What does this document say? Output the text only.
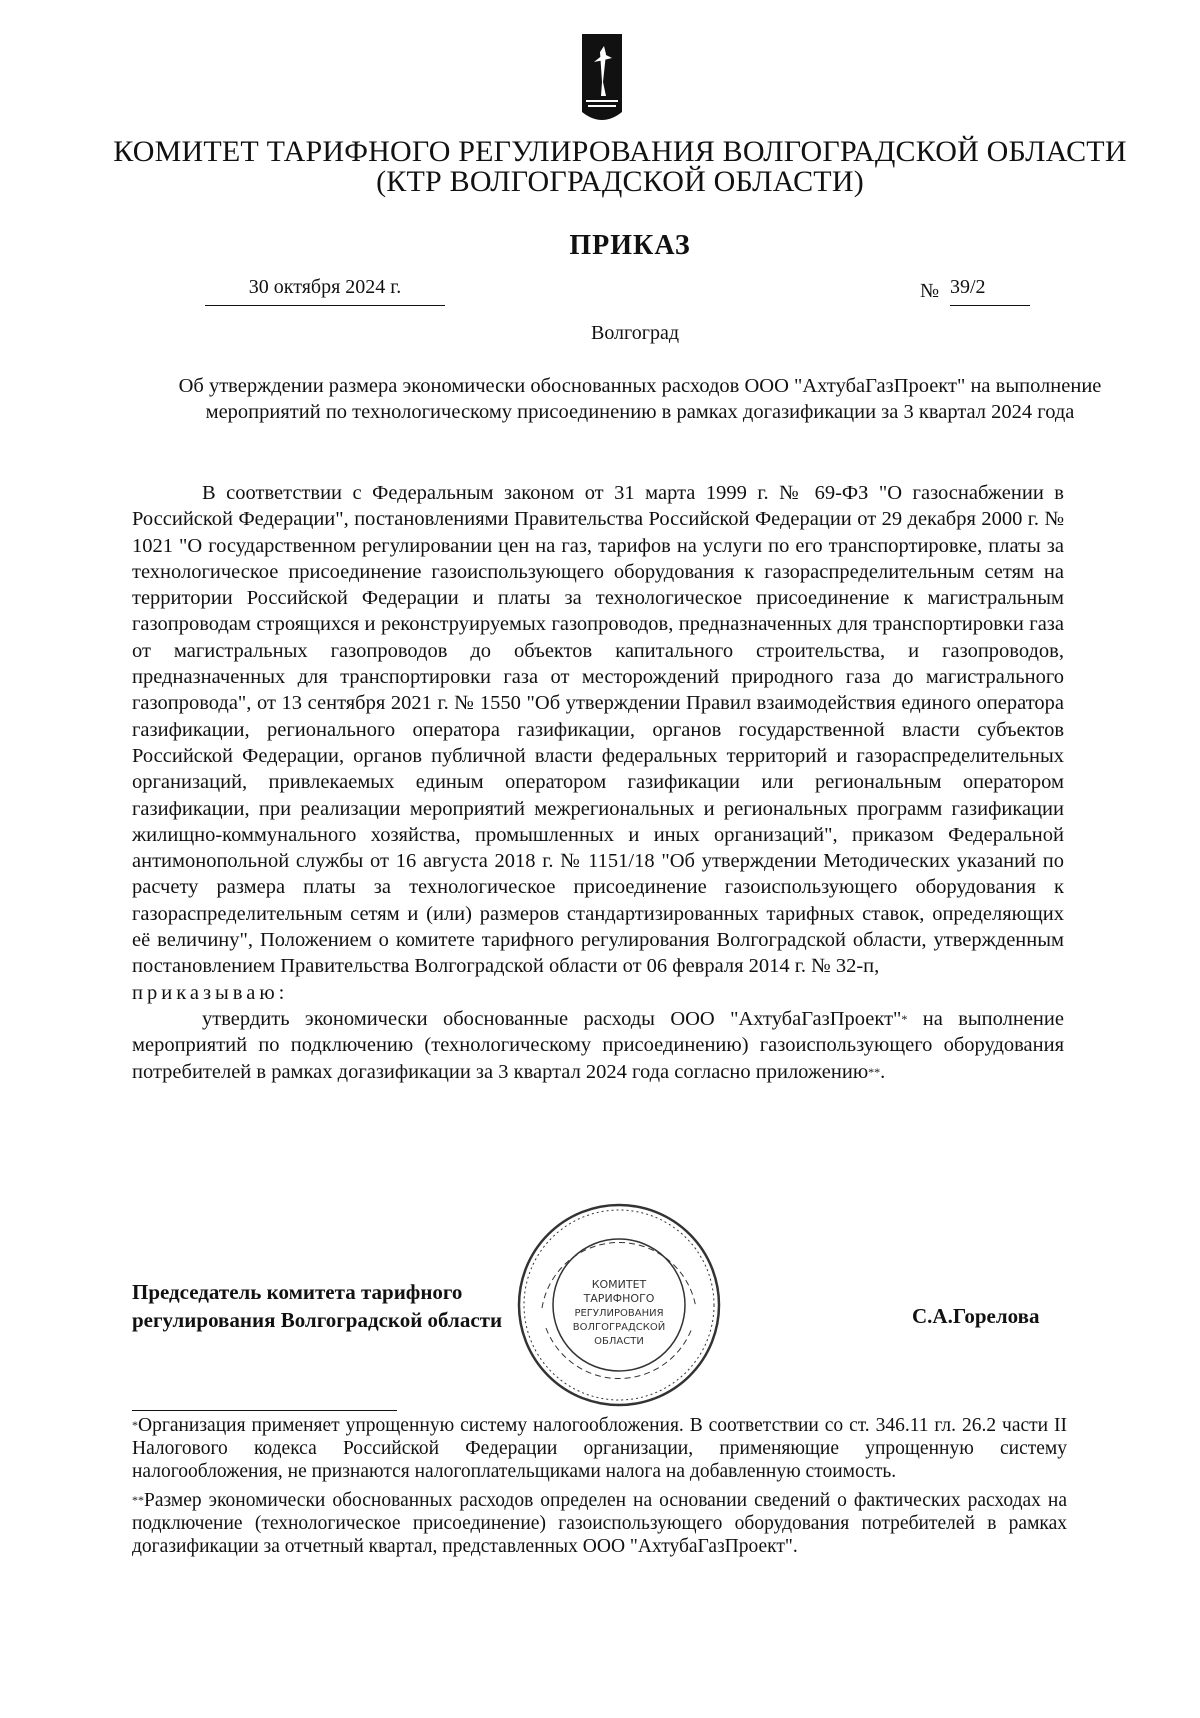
КОМИТЕТ ТАРИФНОГО РЕГУЛИРОВАНИЯ ВОЛГОГРАДСКОЙ ОБЛАСТИ
(КТР ВОЛГОГРАДСКОЙ ОБЛАСТИ)
ПРИКАЗ
30 октября 2024 г.	№ 39/2
Волгоград
Об утверждении размера экономически обоснованных расходов ООО "АхтубаГазПроект" на выполнение мероприятий по технологическому присоединению в рамках догазификации за 3 квартал 2024 года

В соответствии с Федеральным законом от 31 марта 1999 г. № 69-ФЗ "О газоснабжении в Российской Федерации", постановлениями Правительства Российской Федерации от 29 декабря 2000 г. № 1021 "О государственном регулировании цен на газ, тарифов на услуги по его транспортировке, платы за технологическое присоединение газоиспользующего оборудования к газораспределительным сетям на территории Российской Федерации и платы за технологическое присоединение к магистральным газопроводам строящихся и реконструируемых газопроводов, предназначенных для транспортировки газа от магистральных газопроводов до объектов капитального строительства, и газопроводов, предназначенных для транспортировки газа от месторождений природного газа до магистрального газопровода", от 13 сентября 2021 г. № 1550 "Об утверждении Правил взаимодействия единого оператора газификации, регионального оператора газификации, органов государственной власти субъектов Российской Федерации, органов публичной власти федеральных территорий и газораспределительных организаций, привлекаемых единым оператором газификации или региональным оператором газификации, при реализации мероприятий межрегиональных и региональных программ газификации жилищно-коммунального хозяйства, промышленных и иных организаций", приказом Федеральной антимонопольной службы от 16 августа 2018 г. № 1151/18 "Об утверждении Методических указаний по расчету размера платы за технологическое присоединение газоиспользующего оборудования к газораспределительным сетям и (или) размеров стандартизированных тарифных ставок, определяющих её величину", Положением о комитете тарифного регулирования Волгоградской области, утвержденным постановлением Правительства Волгоградской области от 06 февраля 2014 г. № 32-п,

приказываю:

утвердить экономически обоснованные расходы ООО "АхтубаГазПроект"* на выполнение мероприятий по подключению (технологическому присоединению) газоиспользующего оборудования потребителей в рамках догазификации за 3 квартал 2024 года согласно приложению**.

Председатель комитета тарифного
регулирования Волгоградской области	С.А.Горелова
КОМИТЕТ
ТАРИФНОГО
РЕГУЛИРОВАНИЯ
ВОЛГОГРАДСКОЙ
ОБЛАСТИ

*Организация применяет упрощенную систему налогообложения. В соответствии со ст. 346.11 гл. 26.2 части II Налогового кодекса Российской Федерации организации, применяющие упрощенную систему налогообложения, не признаются налогоплательщиками налога на добавленную стоимость.

**Размер экономически обоснованных расходов определен на основании сведений о фактических расходах на подключение (технологическое присоединение) газоиспользующего оборудования потребителей в рамках догазификации за отчетный квартал, представленных ООО "АхтубаГазПроект".
